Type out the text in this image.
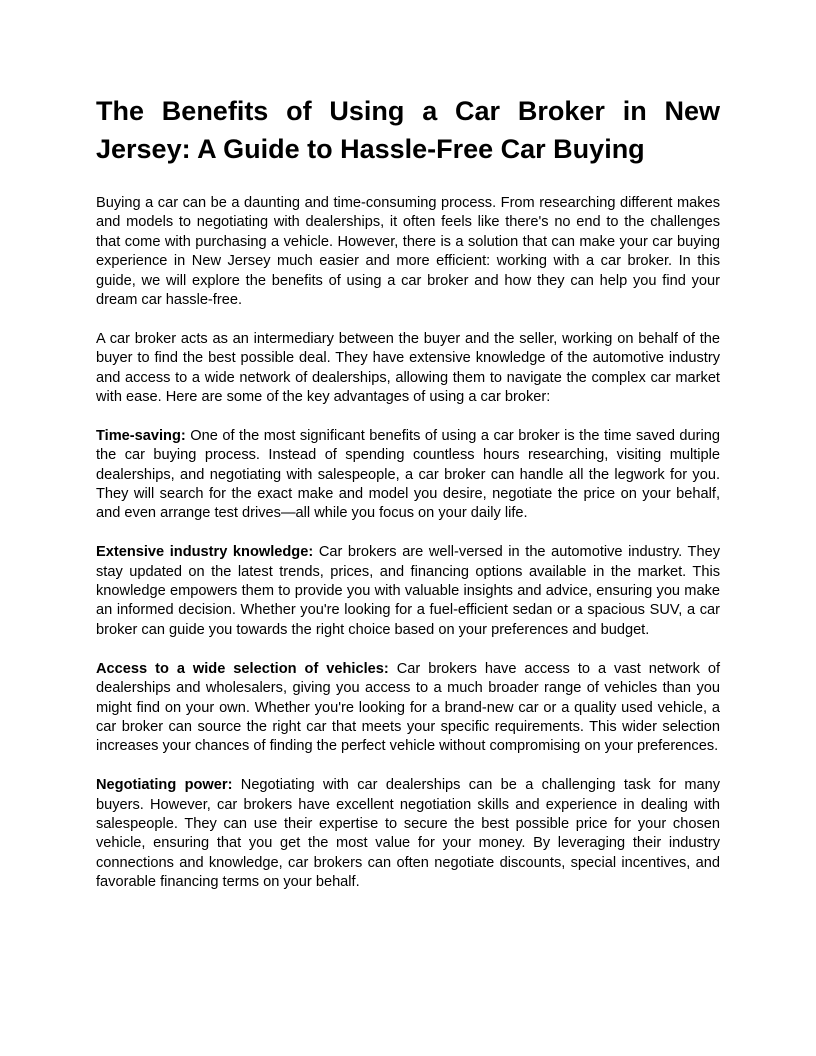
The Benefits of Using a Car Broker in New Jersey: A Guide to Hassle-Free Car Buying

Buying a car can be a daunting and time-consuming process. From researching different makes and models to negotiating with dealerships, it often feels like there's no end to the challenges that come with purchasing a vehicle. However, there is a solution that can make your car buying experience in New Jersey much easier and more efficient: working with a car broker. In this guide, we will explore the benefits of using a car broker and how they can help you find your dream car hassle-free.

A car broker acts as an intermediary between the buyer and the seller, working on behalf of the buyer to find the best possible deal. They have extensive knowledge of the automotive industry and access to a wide network of dealerships, allowing them to navigate the complex car market with ease. Here are some of the key advantages of using a car broker:

Time-saving: One of the most significant benefits of using a car broker is the time saved during the car buying process. Instead of spending countless hours researching, visiting multiple dealerships, and negotiating with salespeople, a car broker can handle all the legwork for you. They will search for the exact make and model you desire, negotiate the price on your behalf, and even arrange test drives—all while you focus on your daily life.

Extensive industry knowledge: Car brokers are well-versed in the automotive industry. They stay updated on the latest trends, prices, and financing options available in the market. This knowledge empowers them to provide you with valuable insights and advice, ensuring you make an informed decision. Whether you're looking for a fuel-efficient sedan or a spacious SUV, a car broker can guide you towards the right choice based on your preferences and budget.

Access to a wide selection of vehicles: Car brokers have access to a vast network of dealerships and wholesalers, giving you access to a much broader range of vehicles than you might find on your own. Whether you're looking for a brand-new car or a quality used vehicle, a car broker can source the right car that meets your specific requirements. This wider selection increases your chances of finding the perfect vehicle without compromising on your preferences.

Negotiating power: Negotiating with car dealerships can be a challenging task for many buyers. However, car brokers have excellent negotiation skills and experience in dealing with salespeople. They can use their expertise to secure the best possible price for your chosen vehicle, ensuring that you get the most value for your money. By leveraging their industry connections and knowledge, car brokers can often negotiate discounts, special incentives, and favorable financing terms on your behalf.
